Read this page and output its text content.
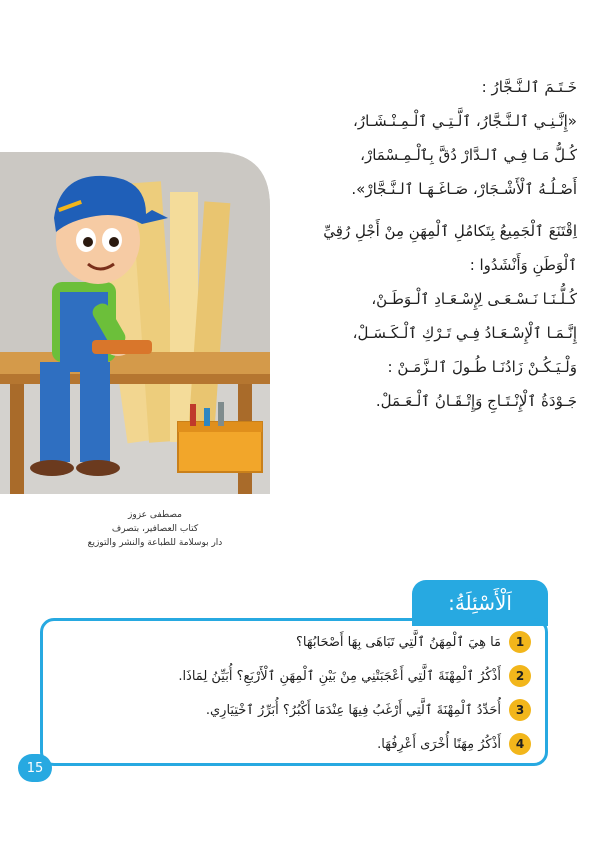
خَـتَـمَ ٱلـنَّـجَّارُ :
«إِنَّـنِـي ٱلـنَّـجَّارُ، ٱلَّـتِـي ٱلْـمِـنْـشَـارُ،
كُـلُّ مَـا فِـي ٱلـدَّارْ دُقَّ بِٱلْـمِـسْمَارْ،
أَصْـلُـهُ ٱلْأَشْـجَارْ، صَـاغَـهَـا ٱلـنَّـجَّارْ».
اِقْتَنَعَ ٱلْجَمِيعُ بِتَكامُلِ ٱلْمِهَنِ مِنْ أَجْلِ رُقِيِّ
ٱلْوَطَنِ وَأَنْشَدُوا :
كُـلُّـنَـا نَـسْـعَـى لِإِسْـعَـادِ ٱلْـوَطَـنْ،
إِنَّـمَـا ٱلْإِسْـعَـادُ فِـي تَـرْكِ ٱلْـكَـسَـلْ،
وَلْـيَـكُـنْ زَادُنَـا طُـولَ ٱلـزَّمَـنْ :
جَـوْدَةُ ٱلْإِنْـتَـاجِ وَإِتْـقَـانُ ٱلْـعَـمَلْ.
مصطفى عزوز
كتاب العصافير، بتصرف
دار بوسلامة للطباعة والنشر والتوزيع
اَلْأَسْئِلَةُ:
1
مَا هِيَ ٱلْمِهَنُ ٱلَّتِي تَبَاهَى بِهَا أَصْحَابُهَا؟
2
أَذْكُرُ ٱلْمِهْنَةَ ٱلَّتِي أَعْجَبَتْنِي مِنْ بَيْنِ ٱلْمِهَنِ ٱلْأَرْبَعِ؟ أُبَيِّنُ لِمَاذَا.
3
أُحَدِّدُ ٱلْمِهْنَةَ ٱلَّتِي أَرْغَبُ فِيهَا عِنْدَمَا أَكْبُرُ؟ أُبَرِّرُ ٱخْتِيَارِي.
4
أَذْكُرُ مِهَنًا أُخْرَى أَعْرِفُهَا.
15
